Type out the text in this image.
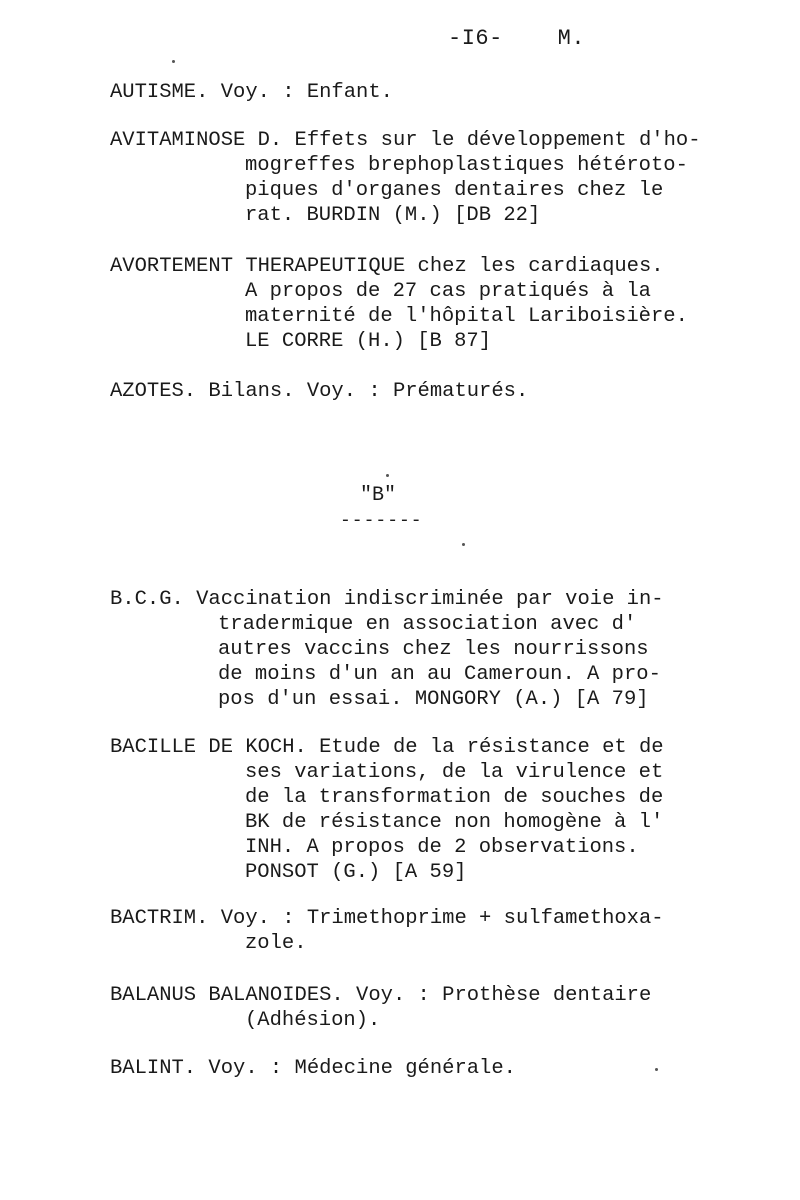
-I6- M.
AUTISME. Voy. : Enfant.
AVITAMINOSE D. Effets sur le développement d'ho-
mogreffes brephoplastiques hétéroto-
piques d'organes dentaires chez le
rat. BURDIN (M.) [DB 22]
AVORTEMENT THERAPEUTIQUE chez les cardiaques.
A propos de 27 cas pratiqués à la
maternité de l'hôpital Lariboisière.
LE CORRE (H.) [B 87]
AZOTES. Bilans. Voy. : Prématurés.
"B"
-------
B.C.G. Vaccination indiscriminée par voie in-
tradermique en association avec d'
autres vaccins chez les nourrissons
de moins d'un an au Cameroun. A pro-
pos d'un essai. MONGORY (A.) [A 79]
BACILLE DE KOCH. Etude de la résistance et de
ses variations, de la virulence et
de la transformation de souches de
BK de résistance non homogène à l'
INH. A propos de 2 observations.
PONSOT (G.) [A 59]
BACTRIM. Voy. : Trimethoprime + sulfamethoxa-
zole.
BALANUS BALANOIDES. Voy. : Prothèse dentaire
(Adhésion).
BALINT. Voy. : Médecine générale.
